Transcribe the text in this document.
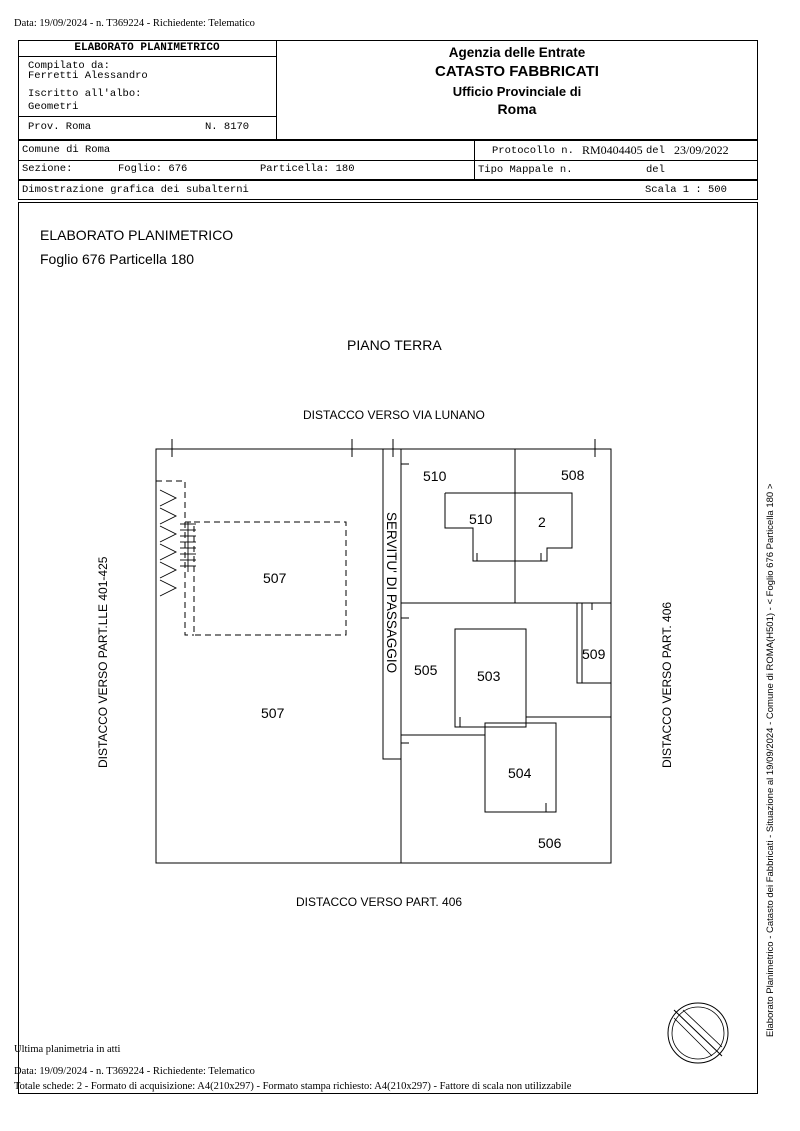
Data: 19/09/2024 - n. T369224 - Richiedente: Telematico
ELABORATO PLANIMETRICO
Compilato da:
Ferretti Alessandro
Iscritto all'albo:
Geometri
Prov. Roma	N. 8170
Agenzia delle Entrate
CATASTO FABBRICATI
Ufficio Provinciale di
Roma
Comune di Roma
Sezione:	Foglio: 676	Particella: 180
Protocollo n. RM0404405 del 23/09/2022
Tipo Mappale n.	del
Dimostrazione grafica dei subalterni	Scala 1 : 500
ELABORATO PLANIMETRICO
Foglio 676 Particella 180
PIANO TERRA
DISTACCO VERSO VIA LUNANO
DISTACCO VERSO PART. 406
510	508
510	2
507
507
505	503
509
504
506
DISTACCO VERSO PART.LLE 401-425	DISTACCO VERSO PART. 406
SERVITU' DI PASSAGGIO	Elaborato Planimetrico - Catasto dei Fabbricati - Situazione al 19/09/2024 - Comune di ROMA(H501) - < Foglio 676 Particella 180 >
Ultima planimetria in atti
Data: 19/09/2024 - n. T369224 - Richiedente: Telematico
Totale schede: 2 - Formato di acquisizione: A4(210x297) - Formato stampa richiesto: A4(210x297) - Fattore di scala non utilizzabile
